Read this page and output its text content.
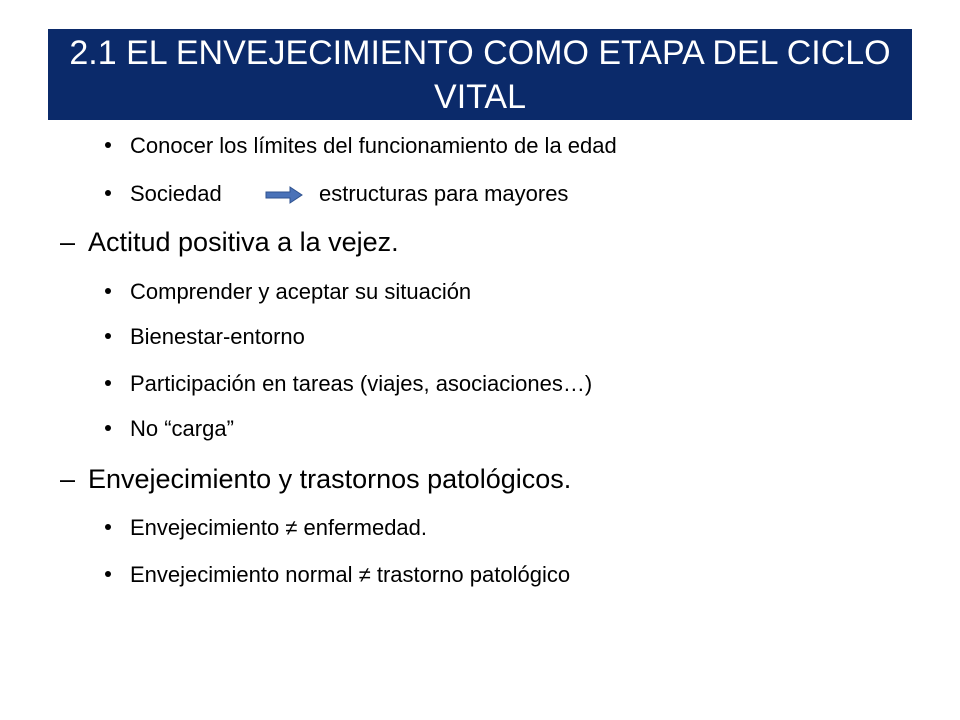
2.1 EL ENVEJECIMIENTO COMO ETAPA DEL CICLO VITAL
Conocer los límites del funcionamiento de la edad
Sociedad	estructuras para mayores
– Actitud positiva a la vejez.
Comprender y aceptar su situación
Bienestar-entorno
Participación en tareas (viajes, asociaciones…)
No “carga”
– Envejecimiento y trastornos patológicos.
Envejecimiento ≠ enfermedad.
Envejecimiento normal ≠ trastorno patológico
